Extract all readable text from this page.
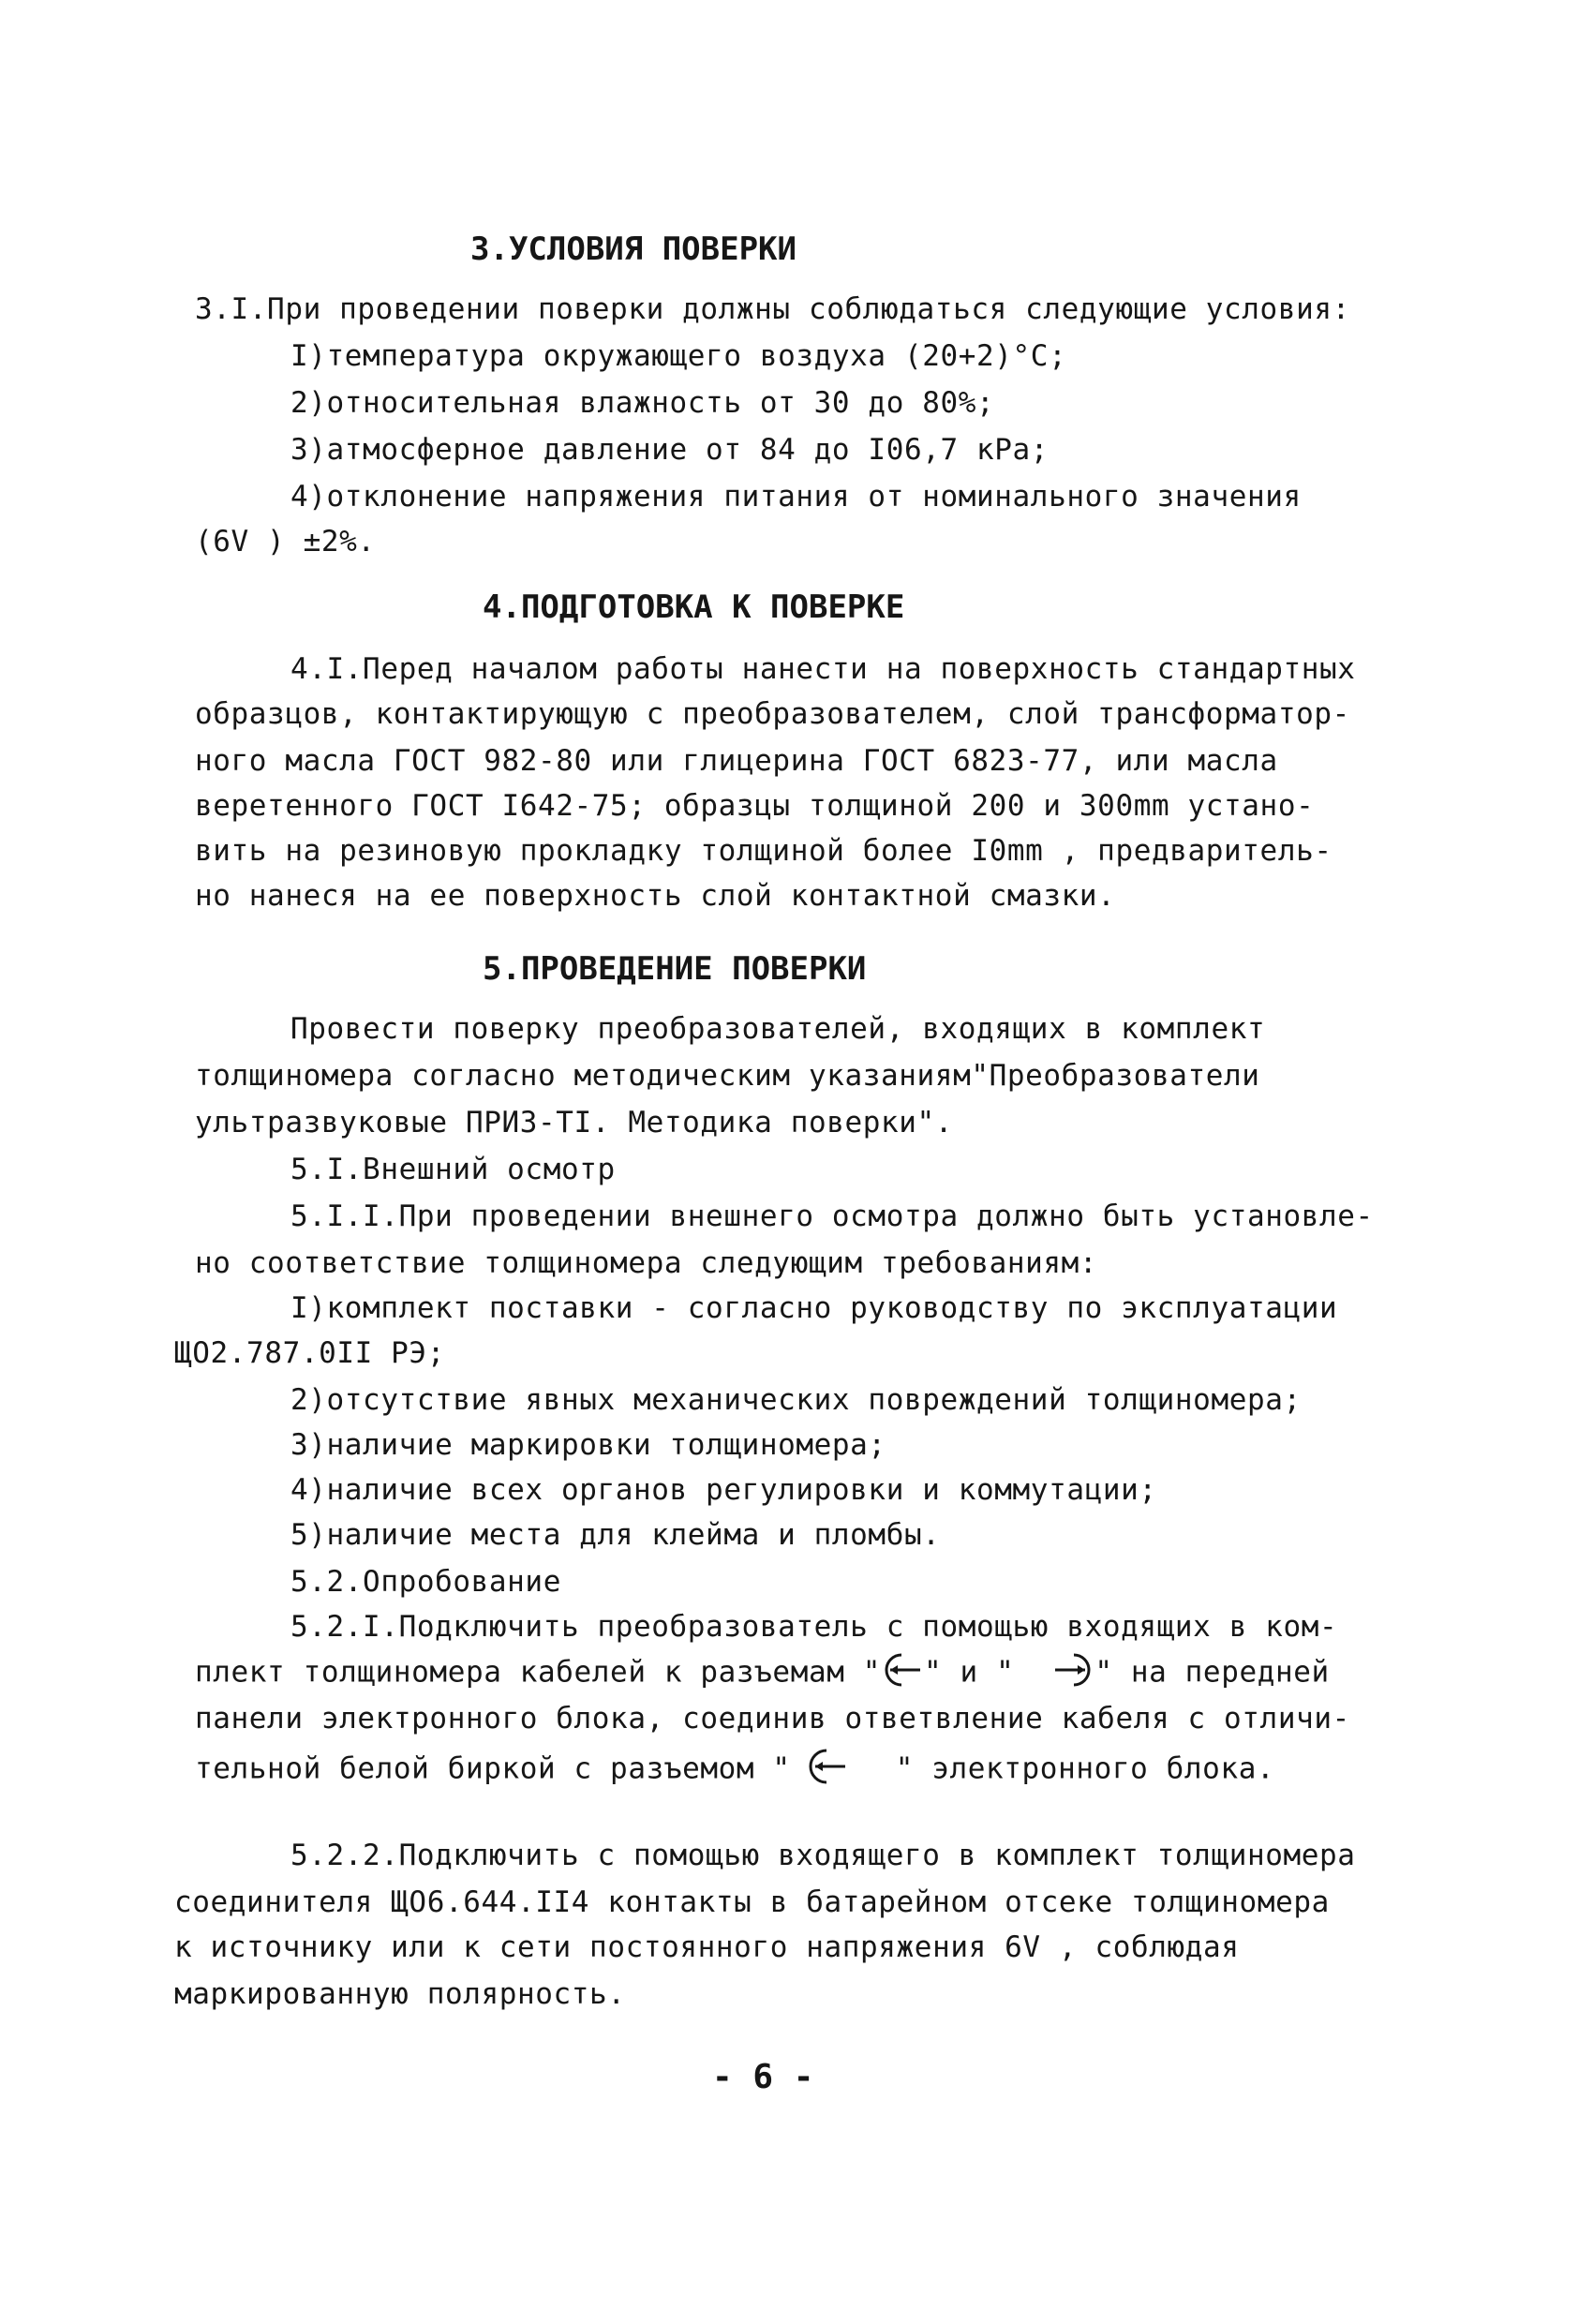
3.УСЛОВИЯ ПОВЕРКИ
3.I.При проведении поверки должны соблюдаться следующие условия:
I)температура окружающего воздуха (20+2)°С;
2)относительная влажность от 30 до 80%;
3)атмосферное давление от 84 до I06,7 кРа;
4)отклонение напряжения питания от номинального значения
(6V ) ±2%.
4.ПОДГОТОВКА К ПОВЕРКЕ
4.I.Перед началом работы нанести на поверхность стандартных
образцов, контактирующую с преобразователем, слой трансформатор-
ного масла ГОСТ 982-80 или глицерина ГОСТ 6823-77, или масла
веретенного ГОСТ I642-75; образцы толщиной 200 и 300mm устано-
вить на резиновую прокладку толщиной более I0mm , предваритель-
но нанеся на ее поверхность слой контактной смазки.
5.ПРОВЕДЕНИЕ ПОВЕРКИ
Провести поверку преобразователей, входящих в комплект
толщиномера согласно методическим указаниям"Преобразователи
ультразвуковые ПРИЗ-ТI. Методика поверки".
5.I.Внешний осмотр
5.I.I.При проведении внешнего осмотра должно быть установле-
но соответствие толщиномера следующим требованиям:
I)комплект поставки - согласно руководству по эксплуатации
ЩО2.787.0II РЭ;
2)отсутствие явных механических повреждений толщиномера;
3)наличие маркировки толщиномера;
4)наличие всех органов регулировки и коммутации;
5)наличие места для клейма и пломбы.
5.2.Опробование
5.2.I.Подключить преобразователь с помощью входящих в ком-
плект толщиномера кабелей к разъемам " " и "	" на передней
панели электронного блока, соединив ответвление кабеля с отличи-
тельной белой биркой с разъемом "	" электронного блока.
5.2.2.Подключить с помощью входящего в комплект толщиномера
соединителя ЩО6.644.II4 контакты в батарейном отсеке толщиномера
к источнику или к сети постоянного напряжения 6V , соблюдая
маркированную полярность.
- 6 -
